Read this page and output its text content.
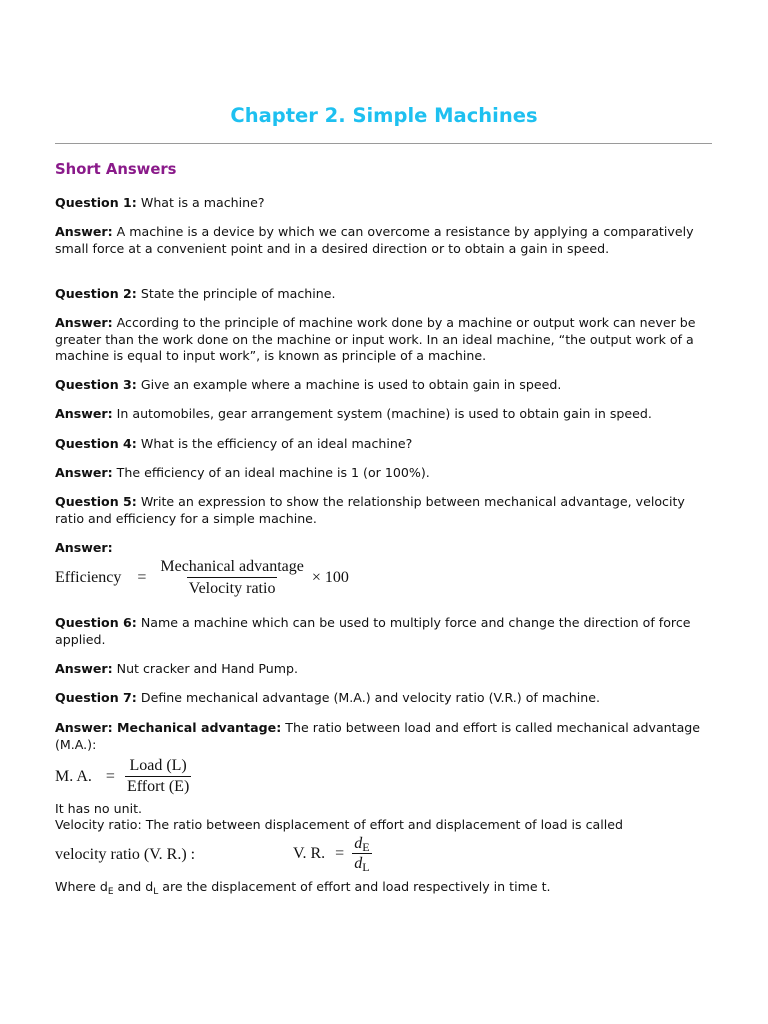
Chapter 2. Simple Machines
Short Answers

Question 1: What is a machine?

Answer: A machine is a device by which we can overcome a resistance by applying a comparatively small force at a convenient point and in a desired direction or to obtain a gain in speed.

Question 2: State the principle of machine.

Answer: According to the principle of machine work done by a machine or output work can never be greater than the work done on the machine or input work. In an ideal machine, “the output work of a machine is equal to input work”, is known as principle of a machine.

Question 3: Give an example where a machine is used to obtain gain in speed.

Answer: In automobiles, gear arrangement system (machine) is used to obtain gain in speed.

Question 4: What is the efficiency of an ideal machine?

Answer: The efficiency of an ideal machine is 1 (or 100%).

Question 5: Write an expression to show the relationship between mechanical advantage, velocity ratio and efficiency for a simple machine.

Answer:

Efficiency = $\frac{\text{Mechanical advantage}}{\text{Velocity ratio}} \times 100$

Question 6: Name a machine which can be used to multiply force and change the direction of force applied.

Answer: Nut cracker and Hand Pump.

Question 7: Define mechanical advantage (M.A.) and velocity ratio (V.R.) of machine.

Answer: Mechanical advantage: The ratio between load and effort is called mechanical advantage (M.A.):

M. A. = $\frac{\text{Load (L)}}{\text{Effort (E)}}$

It has no unit.

Velocity ratio: The ratio between displacement of effort and displacement of load is called

velocity ratio (V. R.) :	V. R. = $\frac{dE}{dL}$

Where $d_E$ and $d_L$ are the displacement of effort and load respectively in time t.
